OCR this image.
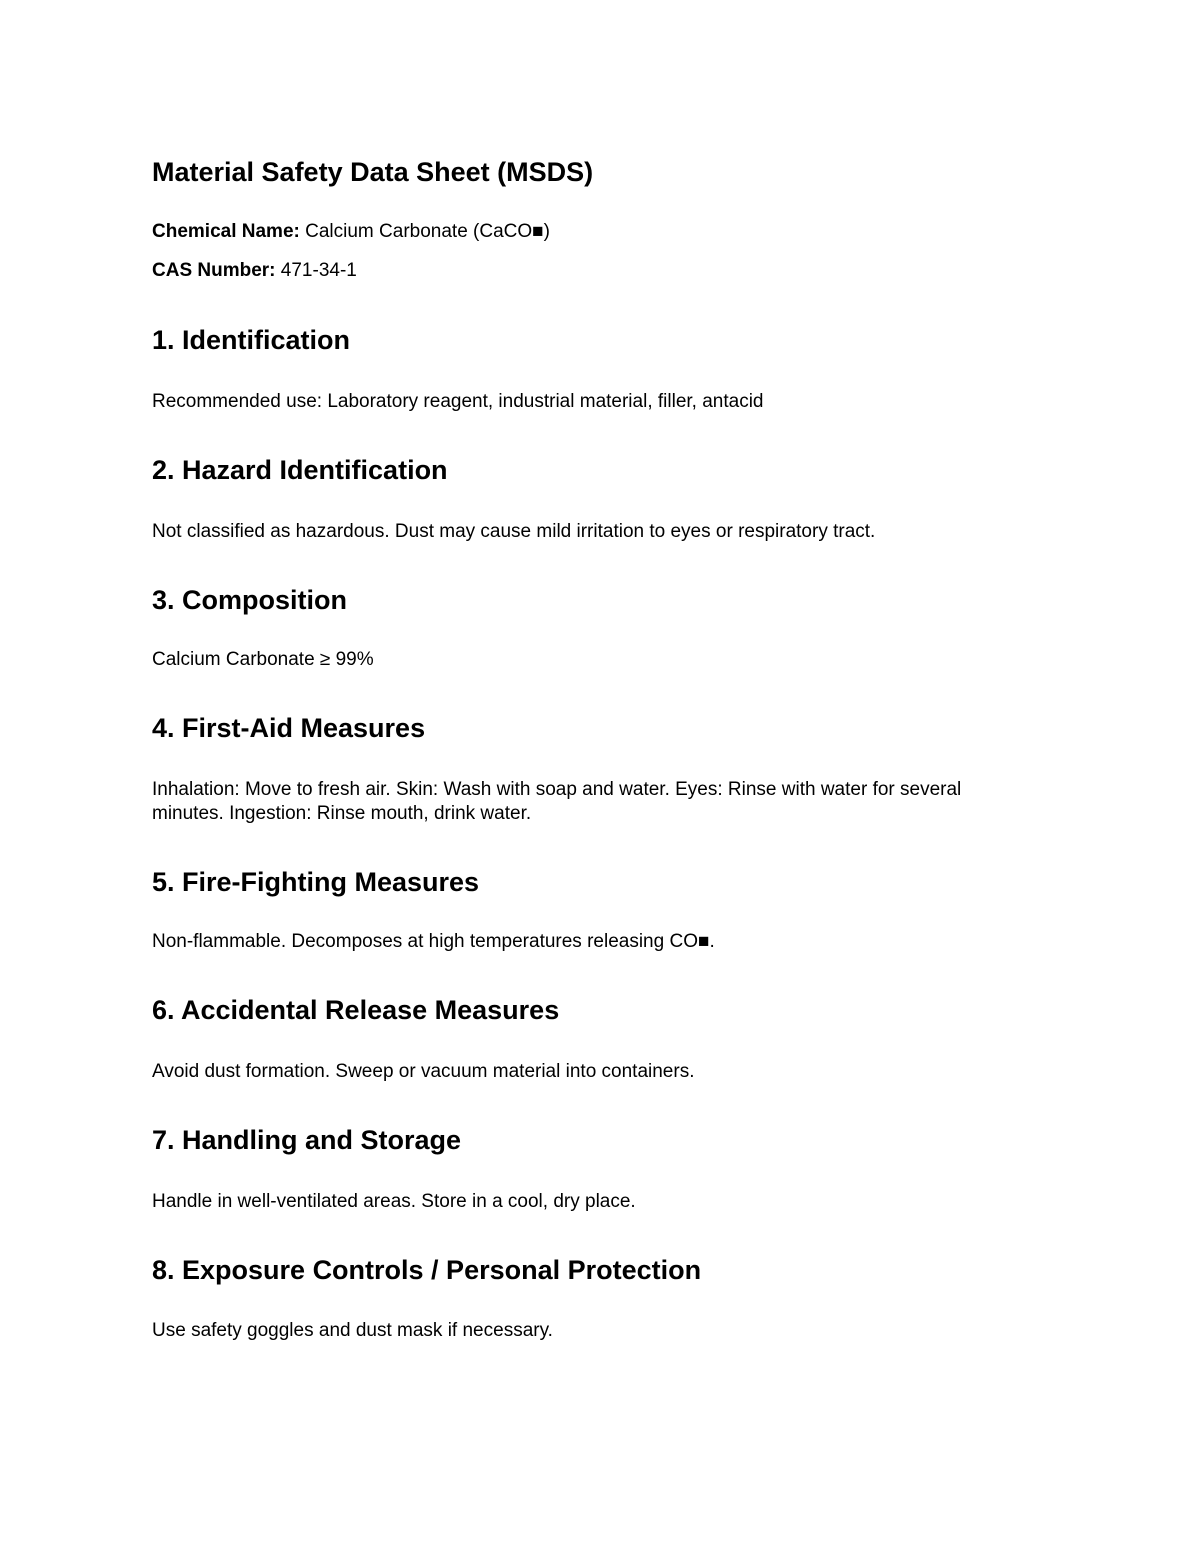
Material Safety Data Sheet (MSDS)

Chemical Name: Calcium Carbonate (CaCO■)

CAS Number: 471-34-1

1. Identification

Recommended use: Laboratory reagent, industrial material, filler, antacid

2. Hazard Identification

Not classified as hazardous. Dust may cause mild irritation to eyes or respiratory tract.

3. Composition

Calcium Carbonate ≥ 99%

4. First-Aid Measures

Inhalation: Move to fresh air. Skin: Wash with soap and water. Eyes: Rinse with water for several minutes. Ingestion: Rinse mouth, drink water.

5. Fire-Fighting Measures

Non-flammable. Decomposes at high temperatures releasing CO■.

6. Accidental Release Measures

Avoid dust formation. Sweep or vacuum material into containers.

7. Handling and Storage

Handle in well-ventilated areas. Store in a cool, dry place.

8. Exposure Controls / Personal Protection

Use safety goggles and dust mask if necessary.
